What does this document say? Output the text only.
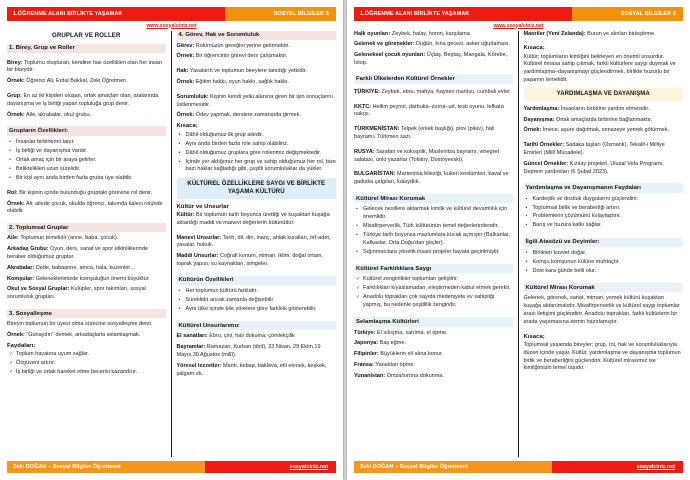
1.ÖĞRENME ALANI BİRLİKTE YAŞAMAK	SOSYAL BİLGİLER 5
www.sosyalciniz.net
GRUPLAR VE ROLLER
1. Birey, Grup ve Roller

Birey: Toplumu oluşturan, kendine has özellikleri olan her insan bir bireydir.

Örnek: Öğrenci Ali, Erdal Bakkal, Zeki Öğretmen.

Grup: En az iki kişiden oluşan, ortak amaçları olan, aralarında dayanışma ve iş birliği yapan topluluğa grup denir.

Örnek: Aile, akrabalar, okul grubu.

Grupların Özellikleri:
• İnsanlar birbirlerini tanır.
• İş birliği ve dayanışma vardır.
• Ortak amaç için bir araya gelirler.
• Birliktelikleri uzun sürelidir.
• Bir kişi aynı anda birden fazla gruba üye olabilir.

Rol: Bir kişinin içinde bulunduğu gruptaki görevine rol denir.

Örnek: Ali; ailede çocuk, okulda öğrenci, takımda kaleci rolünde olabilir.

2. Toplumsal Gruplar

Aile: Toplumun temelidir (anne, baba, çocuk).

Arkadaş Grubu: Oyun, ders, sanat ve spor etkinliklerinde beraber olduğumuz gruptur.

Akrabalar: Dede, babaanne, amca, hala, kuzenler…

Komşular: Geleneklerimizde komşuluğun önemi büyüktür.

Okul ve Sosyal Gruplar: Kulüpler, spor takımları, sosyal sorumluluk grupları.

3. Sosyalleşme

Bireyin toplumun bir üyesi olma sürecine sosyalleşme denir.

Örnek: "Günaydın" demek, arkadaşlarla selamlaşmak.

Faydaları:
✓ Toplum hayatına uyum sağlar.
✓ Özgüveni artırır.
✓ İş birliği ve ortak hareket etme becerisi kazandırır.
4. Görev, Hak ve Sorumluluk

Görev: Rolümüzün gereğini yerine getirmektir.

Örnek: Bir öğrencinin görevi ders çalışmaktır.

Hak: Yasaların ve toplumun bireylere tanıdığı yetkidir.

Örnek: Eğitim hakkı, oyun hakkı, sağlık hakkı.

Sorumluluk: Kişinin kendi yetki alanına giren bir işin sonuçlarını üstlenmesidir.

Örnek: Ödev yapmak, derslere zamanında girmek.

Kısaca;
• Dâhil olduğumuz ilk grup ailedir.
• Aynı anda birden fazla role sahip olabiliriz.
• Dâhil olduğumuz gruplara göre rollerimiz değişmektedir.
• İçinde yer aldığımız her grup ve sahip olduğumuz her rol, bize bazı haklar sağladığı gibi, çeşitli sorumluluklar da yükler.
KÜLTÜREL ÖZELLİKLERE SAYGI VE BİRLİKTE YAŞAMA KÜLTÜRÜ
Kültür ve Unsurlar

Kültür: Bir toplumun tarih boyunca ürettiği ve kuşaktan kuşağa aktardığı maddi ve manevi değerlerin bütünüdür.

Manevi Unsurlar: Tarih, dil, din, inanç, ahlak kuralları, örf-adet, yasalar, hukuk.

Maddi Unsurlar: Coğrafi konum, mimari, iklim, doğal ortam, toprak yapısı, su kaynakları, simgeler.

Kültürün Özellikleri
• Her toplumun kültürü farklıdır.
• Süreklidir ancak zamanla değişebilir.
• Aynı ülke içinde bile yörelere göre farklılık gösterebilir.
Kültürel Unsurlarımız

El sanatları: Ebru, çini, halı dokuma, çömlekçilik

Bayramlar: Ramazan, Kurban (dinî), 23 Nisan, 29 Ekim,19 Mayıs,30 Ağustos (millî).

Yöresel lezzetler: Mantı, kebap, baklava, etli ekmek, keşkek, şalgam vb.

Zeki DOĞAN – Sosyal Bilgiler Öğretmeni	sosyalciniz.net
1.ÖĞRENME ALANI BİRLİKTE YAŞAMAK	SOSYAL BİLGİLER 5
www.sosyalciniz.net

Halk oyunları: Zeybek, halay, horon, karşılama

Gelenek ve görenekler: Düğün, kına gecesi, asker uğurlaması.

Geleneksel çocuk oyunları: Üçtaş, Beştaş, Mangala, Körebe, İstop.

Farklı Ülkelerden Kültürel Örnekler

TÜRKİYE: Zeybek, ebru, mahya, Kayseri mantısı, cumbalı evler.

KKTC: Hellim peyniri, darbuka–zurna–ud, testi oyunu, lefkara nakışı.

TÜRKMENİSTAN: Telpek (erkek başlığı), plov (pilav), halı bayramı, Türkmen sazı.

RUSYA: Sarafan ve kokoşnik, Maslenitsa bayramı, vinegret salatası, ünlü yazarlar (Tolstoy, Dostoyevski).

BULGARİSTAN: Martenitsa bileziği, kukeri kostümleri, kaval ve gaduika çalgıları, kalaydlık.

Kültürel Mirası Korumak
▪ Gelecek nesillere aktarmak kimlik ve kültürel devamlılık için önemlidir.
▪ Misafirperverlik, Türk kültürünün temel değerlerindendir.
▪ Türkiye tarih boyunca mazlumlara kucak açmıştır (Balkanlar, Kafkaslar, Orta Doğu'dan göçler).
▪ Sığınmacılara yönelik insani projeler hayata geçirilmiştir.
Kültürel Farklılıklara Saygı
✓ Kültürel zenginlikler toplumları geliştirir.
✓ Farklılıkları kıyaslamadan, eleştirmeden kabul etmek gerekir.
✓ Anadolu toprakları çok sayıda medeniyete ev sahipliği yapmış, bu nedenle çeşitlilik zengindir.
Selamlaşma Kültürleri

Türkiye: El sıkışma, sarılma, el öpme.

Japonya: Baş eğme.

Filipinler: Büyüklerin eli alına konur.

Fransa: Yanaktan öpme.

Yunanistan: Omza/sırtına dokunma.

Maoriler (Yeni Zelanda): Burun ve alınları birleştirme.

Kısaca;

Kültür; toplumların kimliğini belirleyen en önemli unsurdur. Kültürel mirasa sahip çıkmak, farklı kültürlere saygı duymak ve yardımlaşma–dayanışmayı güçlendirmek, birlikte huzurlu bir yaşamın temelidir.

YARDIMLAŞMA VE DAYANIŞMA

Yardımlaşma: İnsanların birbirine yardım etmesidir.

Dayanışma: Ortak amaçlarda birbirine bağlanmaktır.

Örnek: İmece, aşure dağıtmak, cenazeye yemek götürmek.

Tarihî Örnekler: Sadaka taşları (Osmanlı), Tekalif-i Milliye Emirleri (Millî Mücadele).

Güncel Örnekler: Kızılay projeleri, Ulusal Vefa Programı, Deprem yardımları (6 Şubat 2023).

Yardımlaşma ve Dayanışmanın Faydaları
▪ Kardeşlik ve dostluk duygularını güçlendirir.
▪ Toplumsal birlik ve beraberliği artırır.
▪ Problemlerin çözümünü kolaylaştırır.
▪ Barış ve huzura katkı sağlar.
İlgili Atasözü ve Deyimler:
• Birlikten kuvvet doğar.
• Komşu komşunun külüne muhtaçtır.
• Dost kara günde belli olur.
Kültürel Mirası Korumak

Gelenek, görenek, sanat, mimari, yemek kültürü kuşaktan kuşağa aktarılmalıdır. Misafirperverlik ve kültürel saygı toplumlar arası iletişimi güçlendirir. Anadolu toprakları, farklı kültürlerin bir arada yaşamasına zemin hazırlamıştır.

Kısaca;

Toplumsal yaşamda bireyler; grup, rol, hak ve sorumluluklarıyla düzen içinde yaşar. Kültür, yardımlaşma ve dayanışma toplumun birlik ve beraberliğini güçlendirir. Kültürel mirasımız ise kimliğimizin temel taşıdır.

Zeki DOĞAN – Sosyal Bilgiler Öğretmeni	sosyalciniz.net
